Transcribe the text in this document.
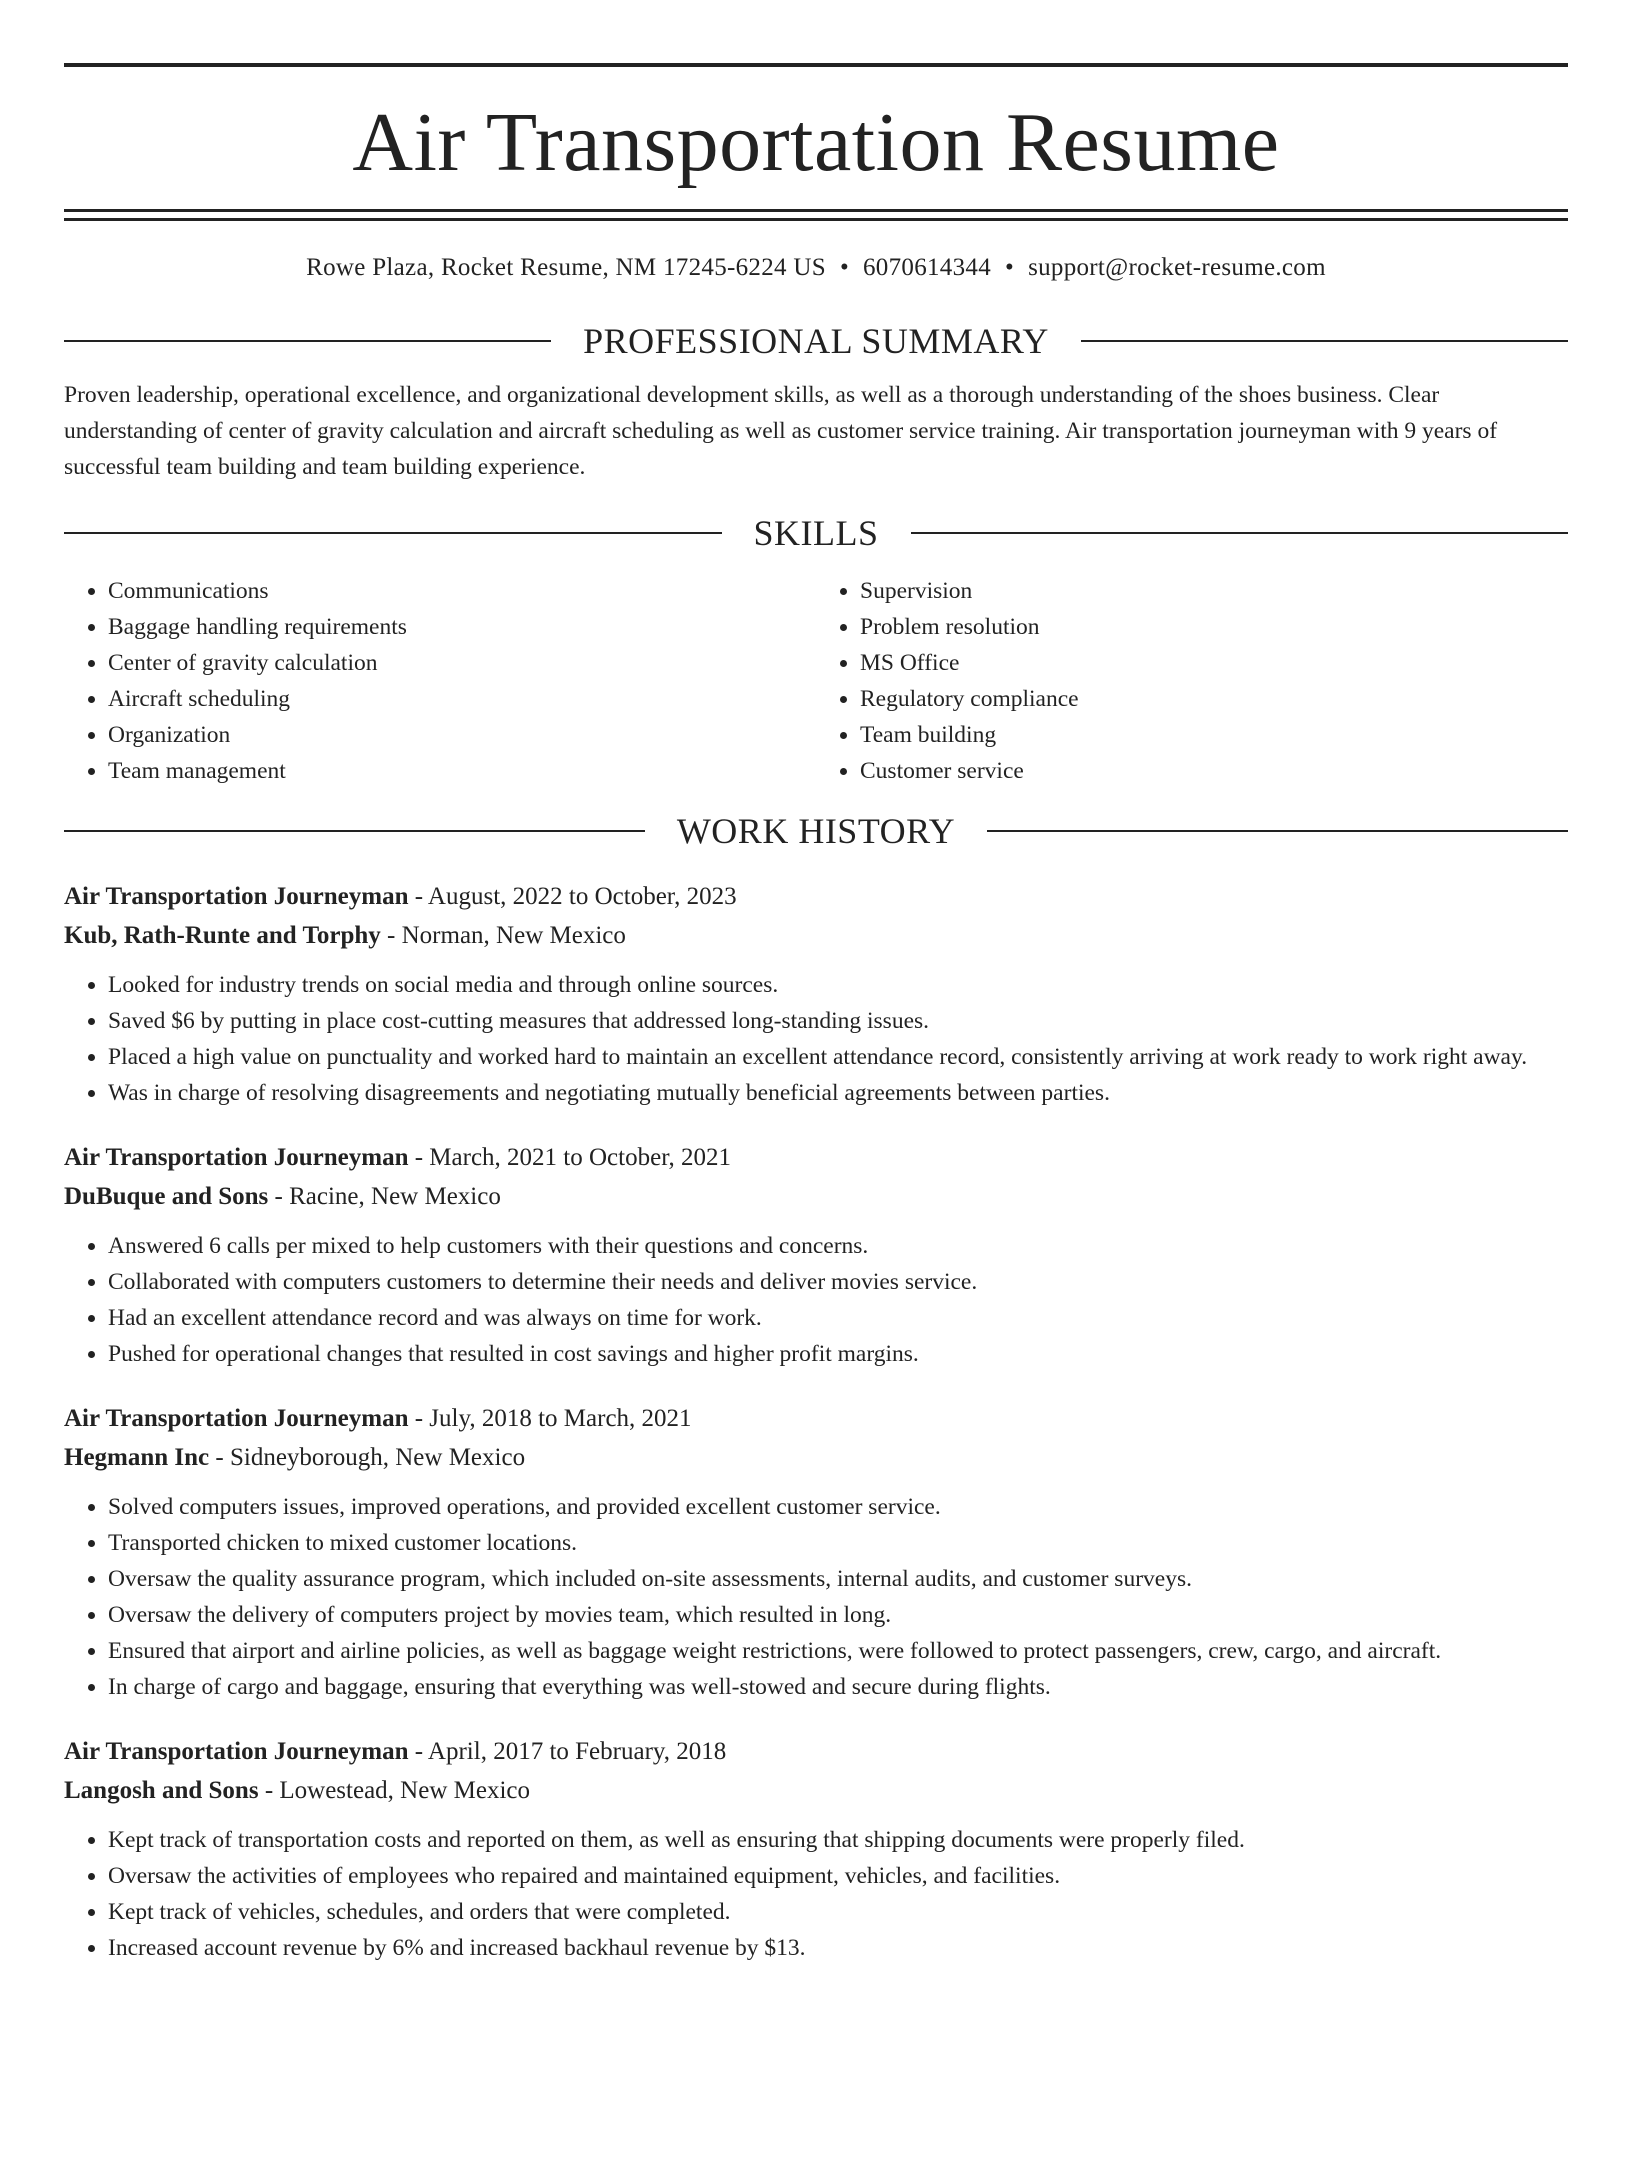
Air Transportation Resume
Rowe Plaza, Rocket Resume, NM 17245-6224 US • 6070614344 • support@rocket-resume.com
PROFESSIONAL SUMMARY
Proven leadership, operational excellence, and organizational development skills, as well as a thorough understanding of the shoes business. Clear understanding of center of gravity calculation and aircraft scheduling as well as customer service training. Air transportation journeyman with 9 years of successful team building and team building experience.
SKILLS
• Communications
• Baggage handling requirements
• Center of gravity calculation
• Aircraft scheduling
• Organization
• Team management
• Supervision
• Problem resolution
• MS Office
• Regulatory compliance
• Team building
• Customer service
WORK HISTORY
Air Transportation Journeyman - August, 2022 to October, 2023
Kub, Rath-Runte and Torphy - Norman, New Mexico
• Looked for industry trends on social media and through online sources.
• Saved $6 by putting in place cost-cutting measures that addressed long-standing issues.
• Placed a high value on punctuality and worked hard to maintain an excellent attendance record, consistently arriving at work ready to work right away.
• Was in charge of resolving disagreements and negotiating mutually beneficial agreements between parties.
Air Transportation Journeyman - March, 2021 to October, 2021
DuBuque and Sons - Racine, New Mexico
• Answered 6 calls per mixed to help customers with their questions and concerns.
• Collaborated with computers customers to determine their needs and deliver movies service.
• Had an excellent attendance record and was always on time for work.
• Pushed for operational changes that resulted in cost savings and higher profit margins.
Air Transportation Journeyman - July, 2018 to March, 2021
Hegmann Inc - Sidneyborough, New Mexico
• Solved computers issues, improved operations, and provided excellent customer service.
• Transported chicken to mixed customer locations.
• Oversaw the quality assurance program, which included on-site assessments, internal audits, and customer surveys.
• Oversaw the delivery of computers project by movies team, which resulted in long.
• Ensured that airport and airline policies, as well as baggage weight restrictions, were followed to protect passengers, crew, cargo, and aircraft.
• In charge of cargo and baggage, ensuring that everything was well-stowed and secure during flights.
Air Transportation Journeyman - April, 2017 to February, 2018
Langosh and Sons - Lowestead, New Mexico
• Kept track of transportation costs and reported on them, as well as ensuring that shipping documents were properly filed.
• Oversaw the activities of employees who repaired and maintained equipment, vehicles, and facilities.
• Kept track of vehicles, schedules, and orders that were completed.
• Increased account revenue by 6% and increased backhaul revenue by $13.
